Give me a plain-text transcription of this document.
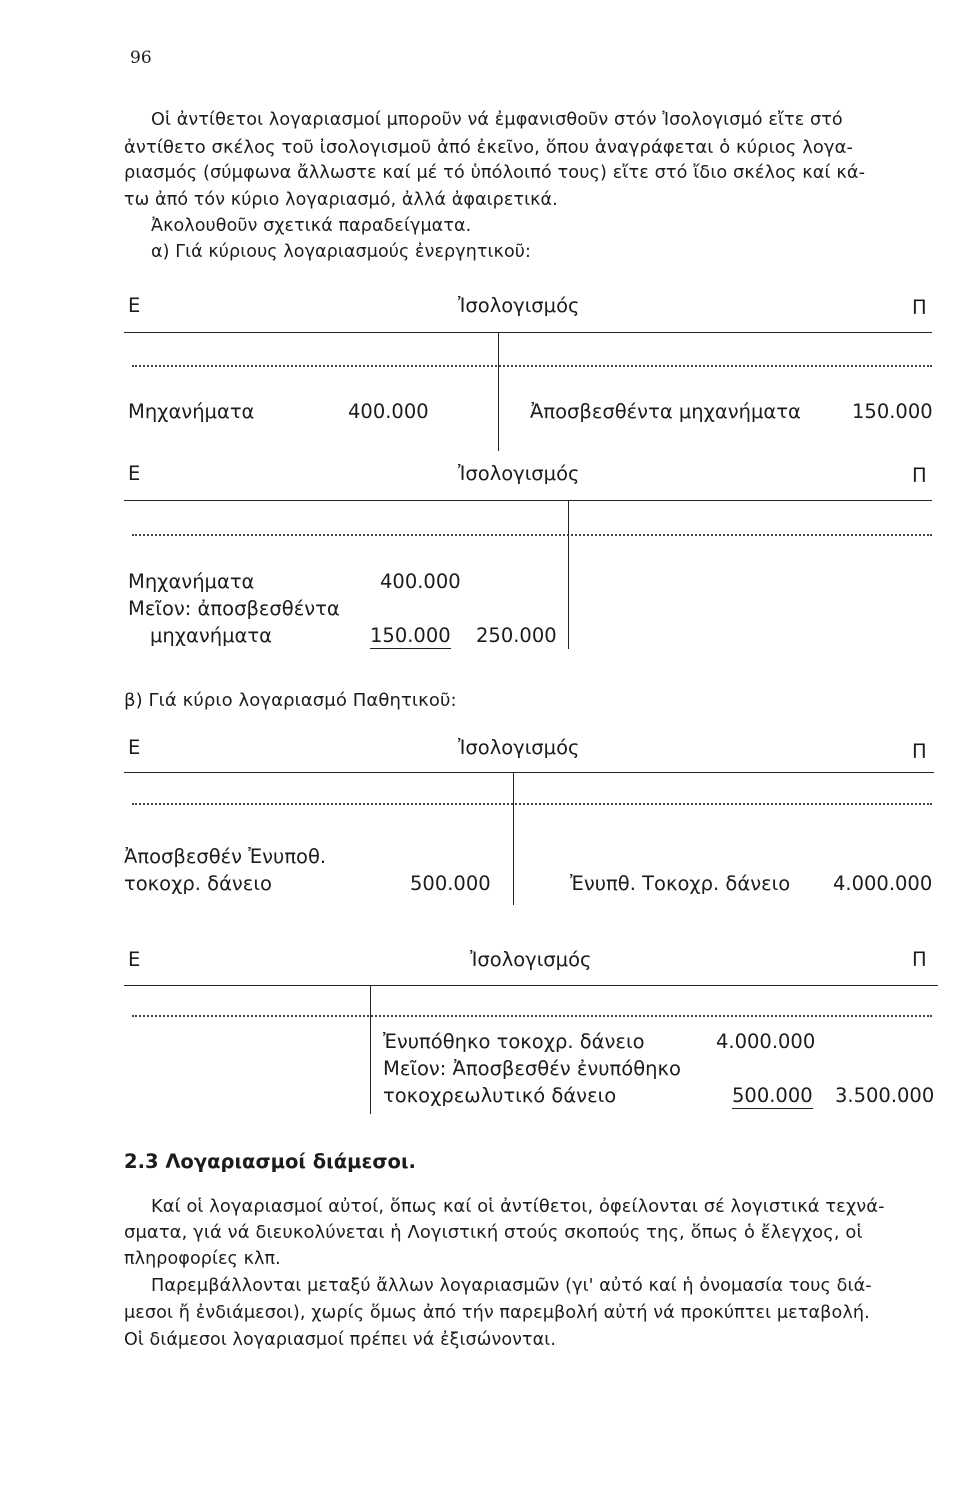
96
Οἱ ἀντίθετοι λογαριασμοί μποροῦν νά ἐμφανισθοῦν στόν Ἰσολογισμό εἴτε στό
ἀντίθετο σκέλος τοῦ ἰσολογισμοῦ ἀπό ἐκεῖνο, ὅπου ἀναγράφεται ὁ κύριος λογα-
ριασμός (σύμφωνα ἄλλωστε καί μέ τό ὑπόλοιπό τους) εἴτε στό ἴδιο σκέλος καί κά-
τω ἀπό τόν κύριο λογαριασμό, ἀλλά ἀφαιρετικά.
Ἀκολουθοῦν σχετικά παραδείγματα.
α) Γιά κύριους λογαριασμούς ἐνεργητικοῦ:
Ε	Ἰσολογισμός	Π
Μηχανήματα	400.000	Ἀποσβεσθέντα μηχανήματα	150.000
Ε	Ἰσολογισμός	Π
Μηχανήματα	400.000
Μεῖον: ἀποσβεσθέντα
μηχανήματα	150.000 250.000
β) Γιά κύριο λογαριασμό Παθητικοῦ:
Ε	Ἰσολογισμός	Π
Ἀποσβεσθέν Ἐνυποθ.
τοκοχρ. δάνειο	500.000	Ἐνυπθ. Τοκοχρ. δάνειο 4.000.000
Ε	Ἰσολογισμός	Π
Ἐνυπόθηκο τοκοχρ. δάνειο	4.000.000
Μεῖον: Ἀποσβεσθέν ἐνυπόθηκο
τοκοχρεωλυτικό δάνειο	500.000 3.500.000
2.3 Λογαριασμοί διάμεσοι.
Καί οἱ λογαριασμοί αὐτοί, ὅπως καί οἱ ἀντίθετοι, ὀφείλονται σέ λογιστικά τεχνά-
σματα, γιά νά διευκολύνεται ἡ Λογιστική στούς σκοπούς της, ὅπως ὁ ἔλεγχος, οἱ
πληροφορίες κλπ.
Παρεμβάλλονται μεταξύ ἄλλων λογαριασμῶν (γι' αὐτό καί ἡ ὀνομασία τους διά-
μεσοι ἤ ἐνδιάμεσοι), χωρίς ὅμως ἀπό τήν παρεμβολή αὐτή νά προκύπτει μεταβολή.
Οἱ διάμεσοι λογαριασμοί πρέπει νά ἐξισώνονται.
